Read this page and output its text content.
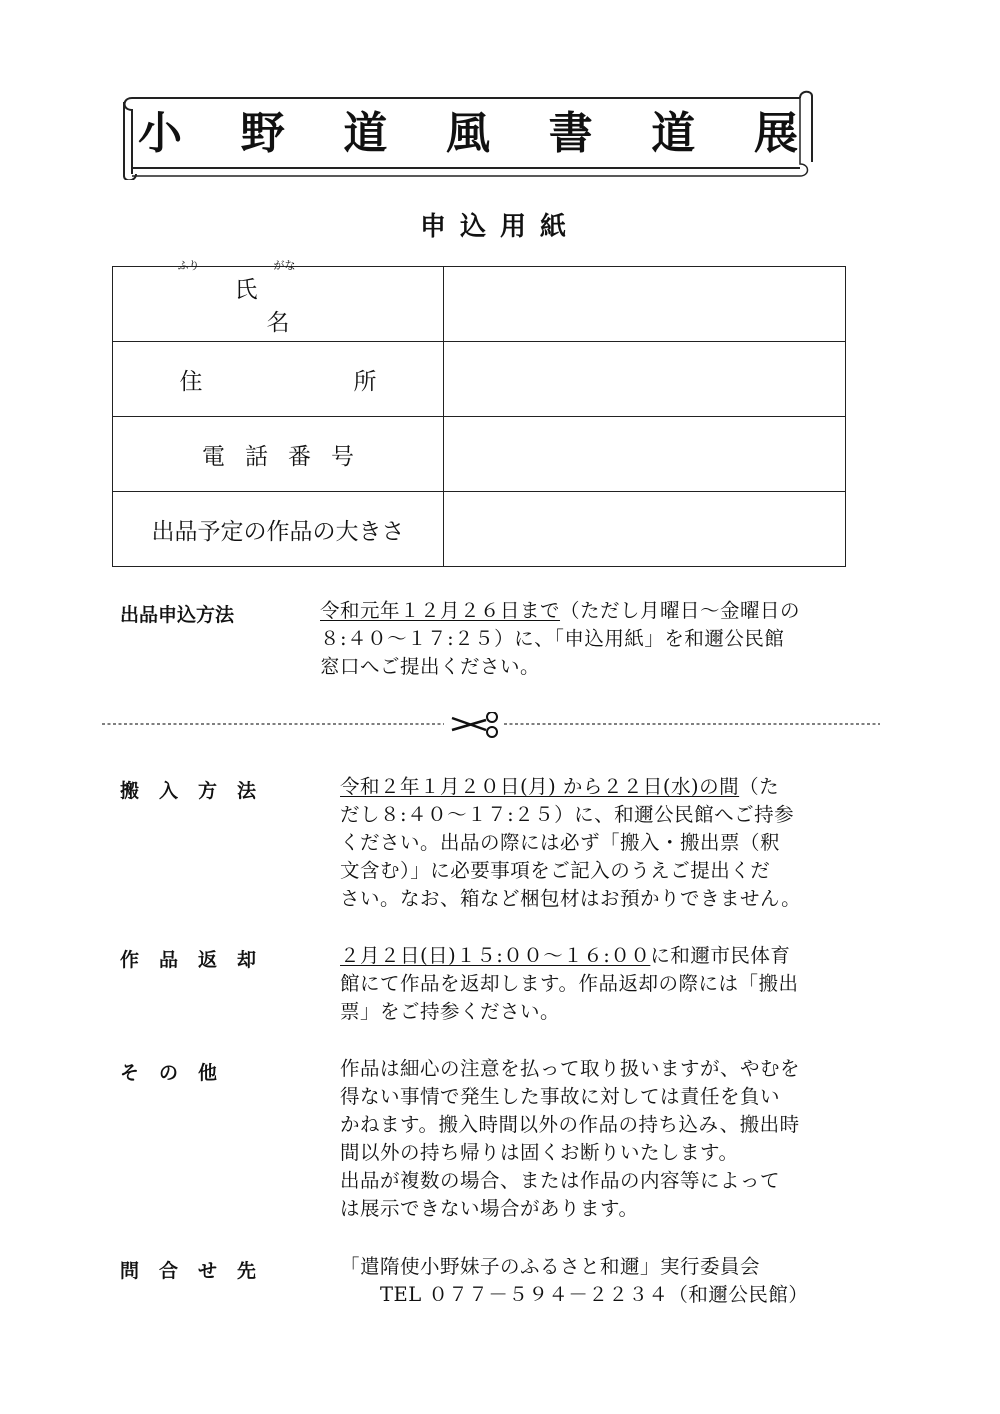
小 野 道 風 書 道 展
申込用紙
ふり がな
氏　名	
住　所	
電話番号	
出品予定の作品の大きさ	
出品申込方法	令和元年１２月２６日まで（ただし月曜日～金曜日の
８:４０～１７:２５）に、「申込用紙」を和邇公民館
窓口へご提出ください。
搬入方法	令和２年１月２０日(月) から２２日(水)の間（た
だし８:４０～１７:２５）に、和邇公民館へご持参
ください。出品の際には必ず「搬入・搬出票（釈
文含む）」に必要事項をご記入のうえご提出くだ
さい。なお、箱など梱包材はお預かりできません。
作品返却	２月２日(日)１５:００～１６:００に和邇市民体育
館にて作品を返却します。作品返却の際には「搬出
票」をご持参ください。
その他	作品は細心の注意を払って取り扱いますが、やむを
得ない事情で発生した事故に対しては責任を負い
かねます。搬入時間以外の作品の持ち込み、搬出時
間以外の持ち帰りは固くお断りいたします。
出品が複数の場合、または作品の内容等によって
は展示できない場合があります。
問合せ先	「遣隋使小野妹子のふるさと和邇」実行委員会
TEL ０７７－５９４－２２３４（和邇公民館）
